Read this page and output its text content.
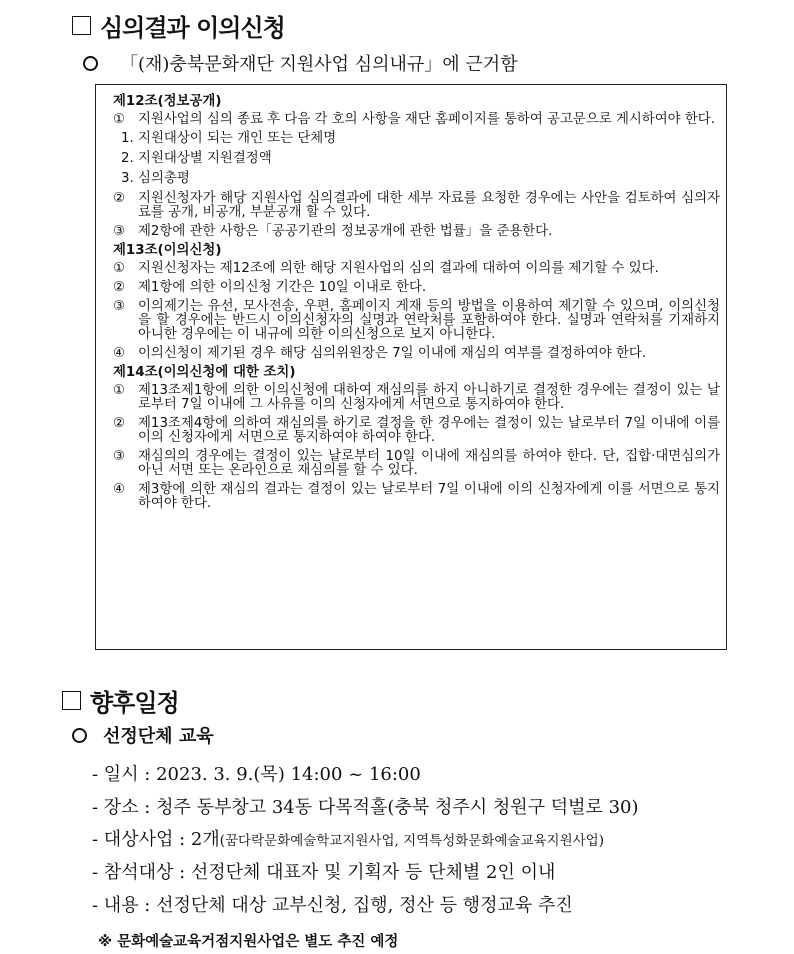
심의결과 이의신청
「(재)충북문화재단 지원사업 심의내규」에 근거함
제12조(정보공개)
① 지원사업의 심의 종료 후 다음 각 호의 사항을 재단 홈페이지를 통하여 공고문으로 게시하여야 한다.
1. 지원대상이 되는 개인 또는 단체명
2. 지원대상별 지원결정액
3. 심의총평
② 지원신청자가 해당 지원사업 심의결과에 대한 세부 자료를 요청한 경우에는 사안을 검토하여 심의자료를 공개, 비공개, 부분공개 할 수 있다.
③ 제2항에 관한 사항은「공공기관의 정보공개에 관한 법률」을 준용한다.
제13조(이의신청)
① 지원신청자는 제12조에 의한 해당 지원사업의 심의 결과에 대하여 이의를 제기할 수 있다.
② 제1항에 의한 이의신청 기간은 10일 이내로 한다.
③ 이의제기는 유선, 모사전송, 우편, 홈페이지 게재 등의 방법을 이용하여 제기할 수 있으며, 이의신청을 할 경우에는 반드시 이의신청자의 실명과 연락처를 포함하여야 한다. 실명과 연락처를 기재하지 아니한 경우에는 이 내규에 의한 이의신청으로 보지 아니한다.
④ 이의신청이 제기된 경우 해당 심의위원장은 7일 이내에 재심의 여부를 결정하여야 한다.
제14조(이의신청에 대한 조치)
① 제13조제1항에 의한 이의신청에 대하여 재심의를 하지 아니하기로 결정한 경우에는 결정이 있는 날로부터 7일 이내에 그 사유를 이의 신청자에게 서면으로 통지하여야 한다.
② 제13조제4항에 의하여 재심의를 하기로 결정을 한 경우에는 결정이 있는 날로부터 7일 이내에 이를 이의 신청자에게 서면으로 통지하여야 하여야 한다.
③ 재심의의 경우에는 결정이 있는 날로부터 10일 이내에 재심의를 하여야 한다. 단, 집합·대면심의가 아닌 서면 또는 온라인으로 재심의를 할 수 있다.
④ 제3항에 의한 재심의 결과는 결정이 있는 날로부터 7일 이내에 이의 신청자에게 이를 서면으로 통지하여야 한다.
향후일정
선정단체 교육
- 일시 : 2023. 3. 9.(목) 14:00 ~ 16:00
- 장소 : 청주 동부창고 34동 다목적홀(충북 청주시 청원구 덕벌로 30)
- 대상사업 : 2개(꿈다락문화예술학교지원사업, 지역특성화문화예술교육지원사업)
- 참석대상 : 선정단체 대표자 및 기획자 등 단체별 2인 이내
- 내용 : 선정단체 대상 교부신청, 집행, 정산 등 행정교육 추진
※ 문화예술교육거점지원사업은 별도 추진 예정
